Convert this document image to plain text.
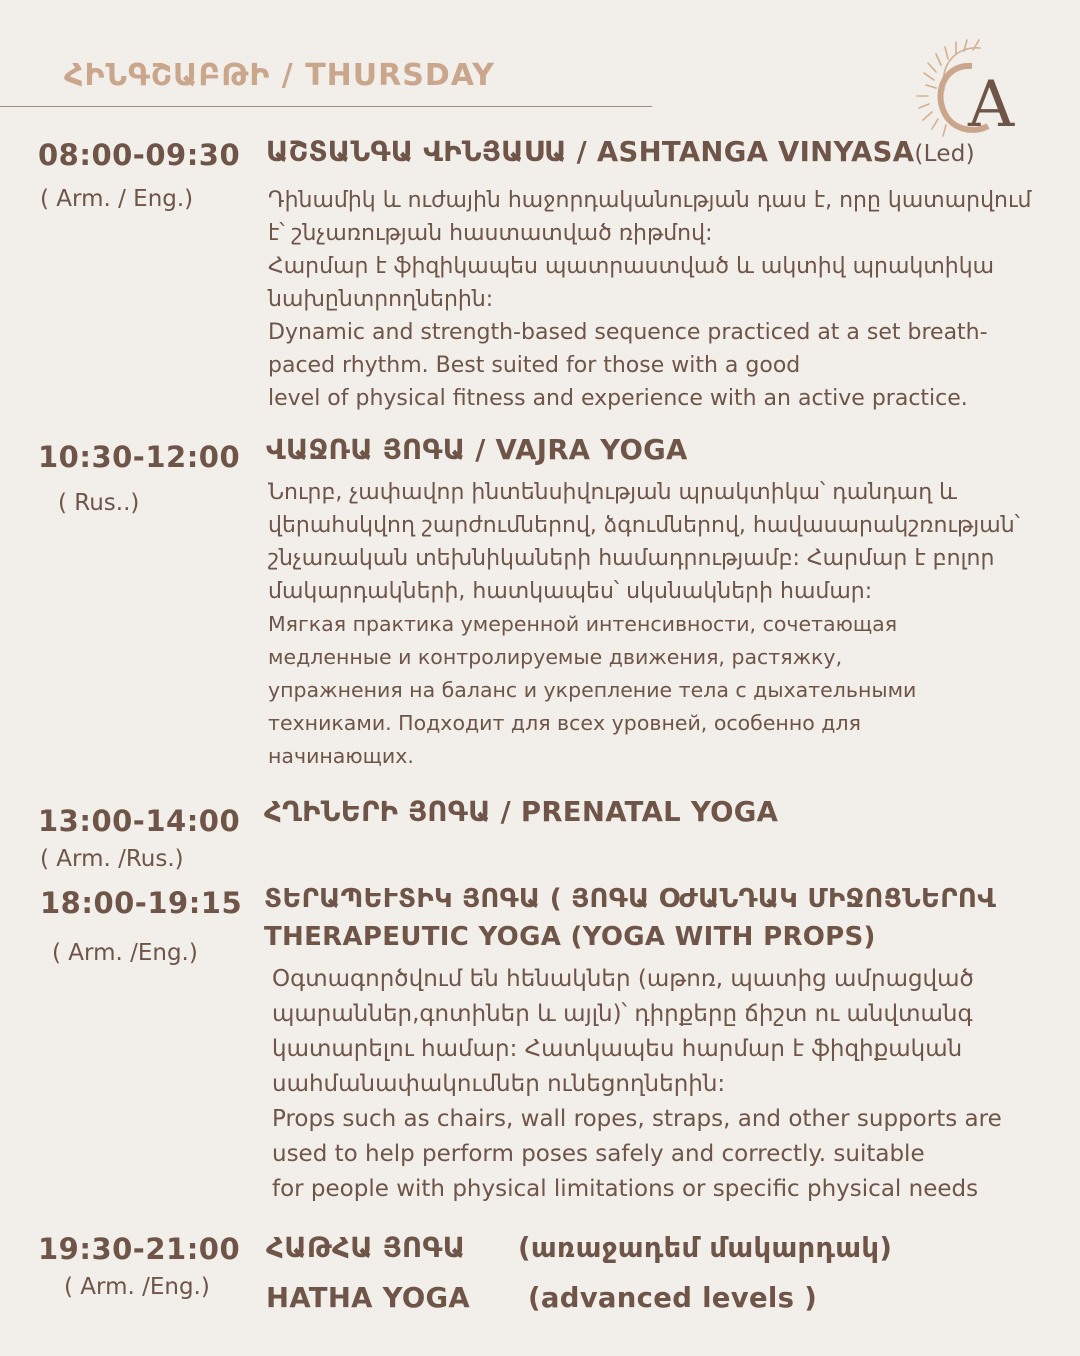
ՀԻՆԳՇԱԲԹԻ / THURSDAY	A
08:00-09:30
( Arm. / Eng.)
ԱՇՏԱՆԳԱ ՎԻՆՅԱՍԱ / ASHTANGA VINYASA(Led)
Դինամիկ և ուժային հաջորդականության դաս է, որը կատարվում
է՝ շնչառության հաստատված ռիթմով:
Հարմար է ֆիզիկապես պատրաստված և ակտիվ պրակտիկա
նախընտրողներին:
Dynamic and strength-based sequence practiced at a set breath-
paced rhythm. Best suited for those with a good
level of physical fitness and experience with an active practice.
10:30-12:00
( Rus..)
ՎԱՋՌԱ ՅՈԳԱ / VAJRA YOGA
Նուրբ, չափավոր ինտենսիվության պրակտիկա՝ դանդաղ և
վերահսկվող շարժումներով, ձգումներով, հավասարակշռության՝
շնչառական տեխնիկաների համադրությամբ: Հարմար է բոլոր
մակարդակների, հատկապես՝ սկսնակների համար:
Мягкая практика умеренной интенсивности, сочетающая
медленные и контролируемые движения, растяжку,
упражнения на баланс и укрепление тела с дыхательными
техниками. Подходит для всех уровней, особенно для
начинающих.
13:00-14:00
( Arm. /Rus.)
ՀՂԻՆԵՐԻ ՅՈԳԱ / PRENATAL YOGA
18:00-19:15
( Arm. /Eng.)
ՏԵՐԱՊԵՒՏԻԿ ՅՈԳԱ ( ՅՈԳԱ ՕԺԱՆԴԱԿ ՄԻՋՈՑՆԵՐՈՎ
THERAPEUTIC YOGA (YOGA WITH PROPS)
Օգտագործվում են հենակներ (աթոռ, պատից ամրացված
պարաններ,գոտիներ և այլն)՝ դիրքերը ճիշտ ու անվտանգ
կատարելու համար: Հատկապես հարմար է ֆիզիքական
սահմանափակումներ ունեցողներին:
Props such as chairs, wall ropes, straps, and other supports are
used to help perform poses safely and correctly. suitable
for people with physical limitations or specific physical needs
19:30-21:00
( Arm. /Eng.)
ՀԱԹՀԱ ՅՈԳԱ (առաջադեմ մակարդակ)
HATHA YOGA (advanced levels )
